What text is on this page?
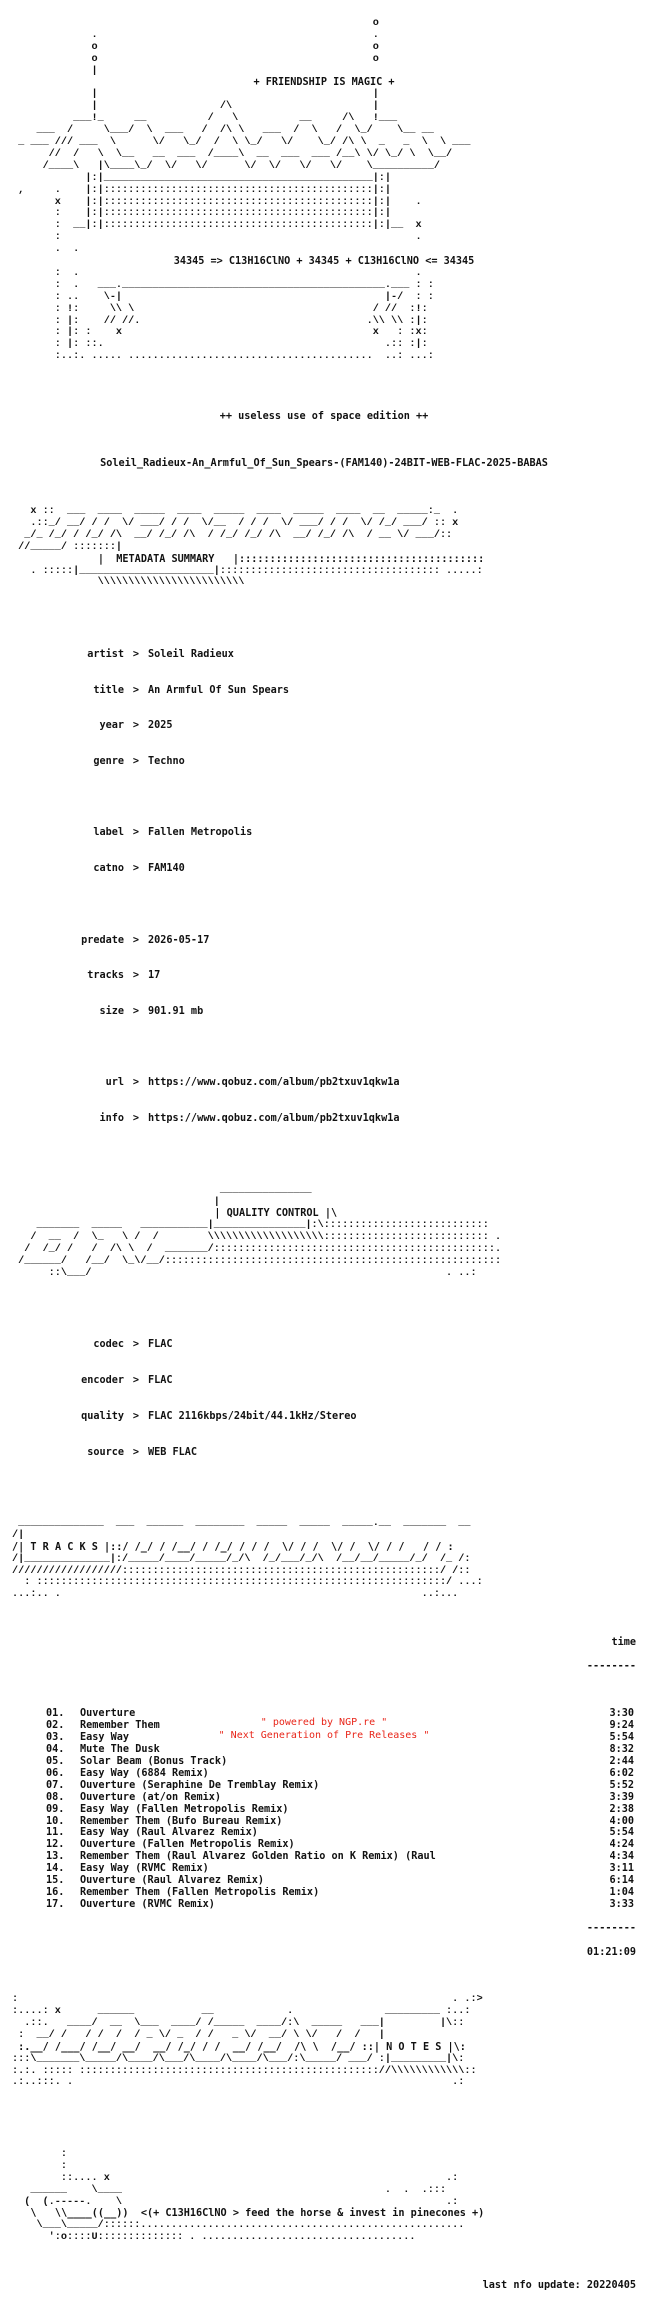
o
.                                             .
o                                             o
o                                             o
|
+ FRIENDSHIP IS MAGIC +
|                                             |
|                    /\                       |
___!_     __          /   \          __     /\   !___
___  /     \___/  \  ___   /  /\ \   ___  /  \   /  \_/    \__ __
_ ___ /// ___  \      \/   \_/  /  \ \_/   \/    \_/ /\ \  _   _  \  \ ___
//  /   \  \__   __  ___  /____\  __  ___  ___ /__\ \/ \_/ \  \__/
/____\   |\____\_/  \/   \/      \/  \/   \/   \/    \__________/
|:|____________________________________________|:|
,     .    |:|::::::::::::::::::::::::::::::::::::::::::::|:|
x    |:|::::::::::::::::::::::::::::::::::::::::::::|:|    .
:    |:|::::::::::::::::::::::::::::::::::::::::::::|:|
:  __|:|::::::::::::::::::::::::::::::::::::::::::::|:|__  x
:                                                          .
.  .
34345 => C13H16ClNO + 34345 + C13H16ClNO <= 34345
:  .                                                       .
:  .   ___.___________________________________________.___ : :
: ..    \-|                                           |-/  : :
: !:     \\ \                                       / //  :!:
: |:    // //.                                     .\\ \\ :|:
: |: :    x                                         x   : :x:
: |: ::.                                              .:: :|:
:..:. ..... ........................................  ..: ...:

++ useless use of space edition ++

Soleil_Radieux-An_Armful_Of_Sun_Spears-(FAM140)-24BIT-WEB-FLAC-2025-BABAS

x ::  ___  ____  _____  ____  _____  ____  _____  ____  __  _____:_  .
.::_/ __/ / /  \/ ___/ / /  \/__  / / /  \/ ___/ / /  \/ /_/ ___/ :: x
_/_ /_/ / /_/ /\  __/ /_/ /\  / /_/ /_/ /\  __/ /_/ /\  / __ \/ ___/::
//_____/ :::::::|
|  METADATA SUMMARY   |::::::::::::::::::::::::::::::::::::::::
. :::::|______________________|:::::::::::::::::::::::::::::::::::: .....:
\\\\\\\\\\\\\\\\\\\\\\\\

artist > Soleil Radieux

title > An Armful Of Sun Spears

year > 2025

genre > Techno

label > Fallen Metropolis

catno > FAM140

predate > 2026-05-17

tracks > 17

size > 901.91 mb

url > https://www.qobuz.com/album/pb2txuv1qkw1a

info > https://www.qobuz.com/album/pb2txuv1qkw1a

_______________
|
| QUALITY CONTROL |\
_______  _____   ___________|_______________|:\:::::::::::::::::::::::::::
/  __  /  \_   \ /  /        \\\\\\\\\\\\\\\\\\\::::::::::::::::::::::::::: .
/  /_/ /   /  /\ \  /  _______/::::::::::::::::::::::::::::::::::::::::::::::.
/______/   /__/  \_\/__/:::::::::::::::::::::::::::::::::::::::::::::::::::::::
::\___/                                                          . ..:

codec > FLAC

encoder > FLAC

quality > FLAC 2116kbps/24bit/44.1kHz/Stereo

source > WEB FLAC

______________  ___  ______  ________  _____  _____  _____.__  _______  __
/|
/| T R A C K S |::/ /_/ / /__/ / /_/ / / /  \/ / /  \/ /  \/ / /   / / :
/|______________|:/_____/____/_____/_/\  /_/___/_/\  /__/__/_____/_/  /_ /:
//////////////////::::::::::::::::::::::::::::::::::::::::::::::::::::/ /::
: :::::::::::::::::::::::::::::::::::::::::::::::::::::::::::::::::::/ ...:
...:.. .                                                           ..:...

time

--------

01.	Ouverture	3:30
02.	Remember Them	9:24
03.	Easy Way	5:54
04.	Mute The Dusk	8:32
05.	Solar Beam (Bonus Track)	2:44
06.	Easy Way (6884 Remix)	6:02
07.	Ouverture (Seraphine De Tremblay Remix)	5:52
08.	Ouverture (at/on Remix)	3:39
09.	Easy Way (Fallen Metropolis Remix)	2:38
10.	Remember Them (Bufo Bureau Remix)	4:00
11.	Easy Way (Raul Alvarez Remix)	5:54
12.	Ouverture (Fallen Metropolis Remix)	4:24
13.	Remember Them (Raul Alvarez Golden Ratio on K Remix) (Raul	4:34
14.	Easy Way (RVMC Remix)	3:11
15.	Ouverture (Raul Alvarez Remix)	6:14
16.	Remember Them (Fallen Metropolis Remix)	1:04
17.	Ouverture (RVMC Remix)	3:33

--------

01:21:09

:                                                                       . .:>
:....: x      ______           __            .               _________ :..:
.::.   ____/  __  \___  ____/ /_____  ____/:\  _____   ___|         |\::
:  __/ /   / /  /  / _ \/ _  / /   _ \/  __/ \ \/   /  /   |
:.__/ /___/ /__/ __/  __/ /_/ / /  __/ /__/  /\ \  /__/ ::| N O T E S |\:
:::\_______\_____/\____/\___/\____/\____/\___/:\_____/ ___/ :|_________|\:
:.:. ::::: ::::::::::::::::::::::::::::::::::::::::::::::::://\\\\\\\\\\\\::
.:..:::. .                                                              .:

:
:
::.... x                                                       .:
______    \____                                           .  .  .:::
(  (.-----.    \                                                     .:
\   \\____((__))  <(+ C13H16ClNO > feed the horse & invest in pinecones +)
\___\_____/::::::.....................................................
':o::::U:::::::::::::: . ...................................

last nfo update: 20220405

" powered by NGP.re "
" Next Generation of Pre Releases "
